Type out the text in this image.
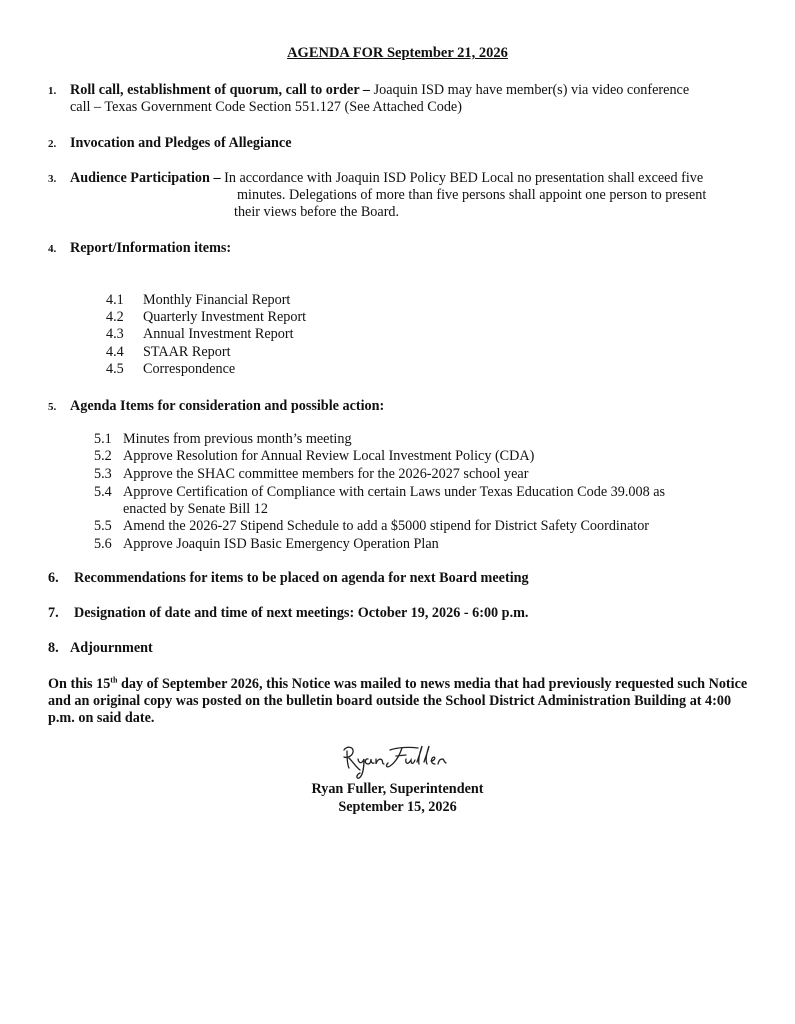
AGENDA FOR September 21, 2026
1. Roll call, establishment of quorum, call to order – Joaquin ISD may have member(s) via video conference
call – Texas Government Code Section 551.127 (See Attached Code)
2. Invocation and Pledges of Allegiance
3. Audience Participation – In accordance with Joaquin ISD Policy BED Local no presentation shall exceed five
minutes. Delegations of more than five persons shall appoint one person to present
their views before the Board.
4. Report/Information items:
4.1	Monthly Financial Report
4.2	Quarterly Investment Report
4.3	Annual Investment Report
4.4	STAAR Report
4.5	Correspondence
5. Agenda Items for consideration and possible action:
5.1 Minutes from previous month’s meeting
5.2 Approve Resolution for Annual Review Local Investment Policy (CDA)
5.3 Approve the SHAC committee members for the 2026-2027 school year
5.4 Approve Certification of Compliance with certain Laws under Texas Education Code 39.008 as
enacted by Senate Bill 12
5.5 Amend the 2026-27 Stipend Schedule to add a $5000 stipend for District Safety Coordinator
5.6 Approve Joaquin ISD Basic Emergency Operation Plan
6. Recommendations for items to be placed on agenda for next Board meeting
7. Designation of date and time of next meetings: October 19, 2026 - 6:00 p.m.
8. Adjournment
On this 15th day of September 2026, this Notice was mailed to news media that had previously requested such Notice and an original copy was posted on the bulletin board outside the School District Administration Building at 4:00 p.m. on said date.
Ryan Fuller, Superintendent
September 15, 2026
